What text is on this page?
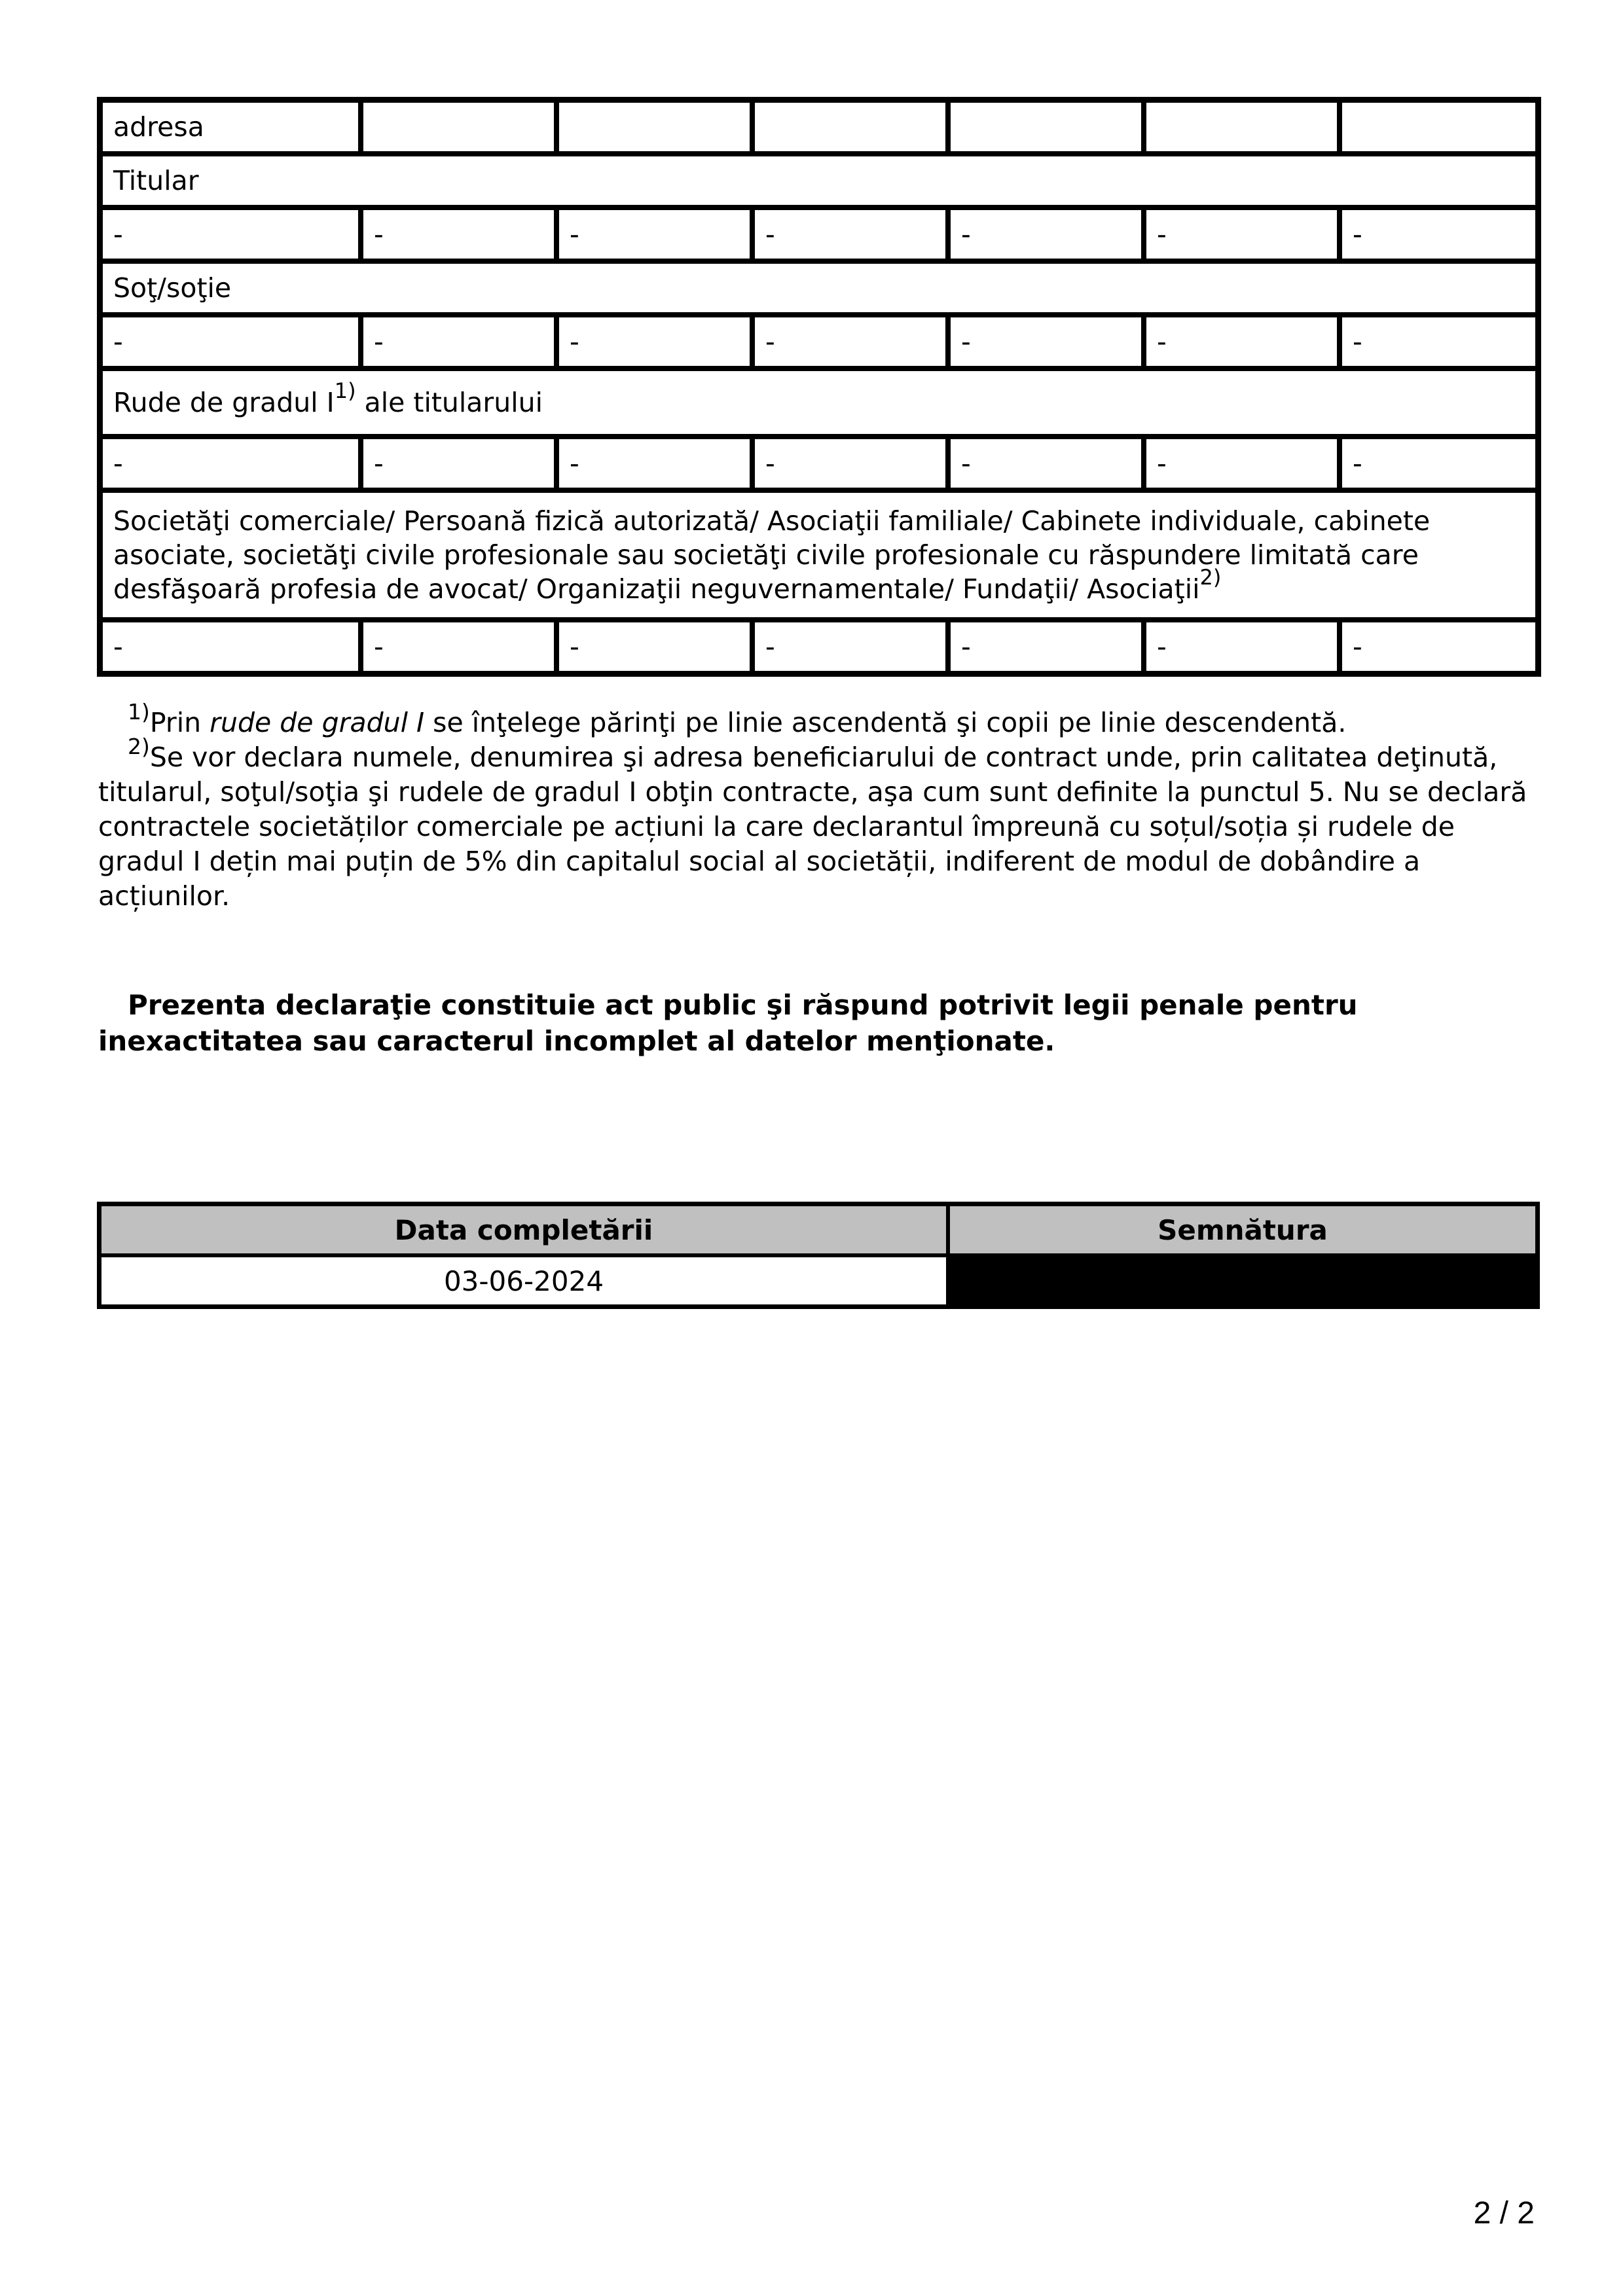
adresa						
Titular						
-	-	-	-	-	-	-
Soţ/soţie						
-	-	-	-	-	-	-
Rude de gradul I$^{1)}$ ale titularului						
-	-	-	-	-	-	-
Societăţi comerciale/ Persoană fizică autorizată/ Asociaţii familiale/ Cabinete individuale, cabinete asociate, societăţi civile profesionale sau societăţi civile profesionale cu răspundere limitată care desfăşoară profesia de avocat/ Organizaţii neguvernamentale/ Fundaţii/ Asociaţii$^{2)}$
-	-	-	-	-	-	-

$^{1)}$Prin rude de gradul I se înţelege părinţi pe linie ascendentă şi copii pe linie descendentă.

$^{2)}$Se vor declara numele, denumirea şi adresa beneficiarului de contract unde, prin calitatea deţinută, titularul, soţul/soţia şi rudele de gradul I obţin contracte, aşa cum sunt definite la punctul 5. Nu se declară contractele societăților comerciale pe acțiuni la care declarantul împreună cu soțul/soția și rudele de gradul I dețin mai puțin de 5% din capitalul social al societății, indiferent de modul de dobândire a acțiunilor.

Prezenta declaraţie constituie act public şi răspund potrivit legii penale pentru inexactitatea sau caracterul incomplet al datelor menţionate.
Data completării	Semnătura
03-06-2024	
2 / 2
